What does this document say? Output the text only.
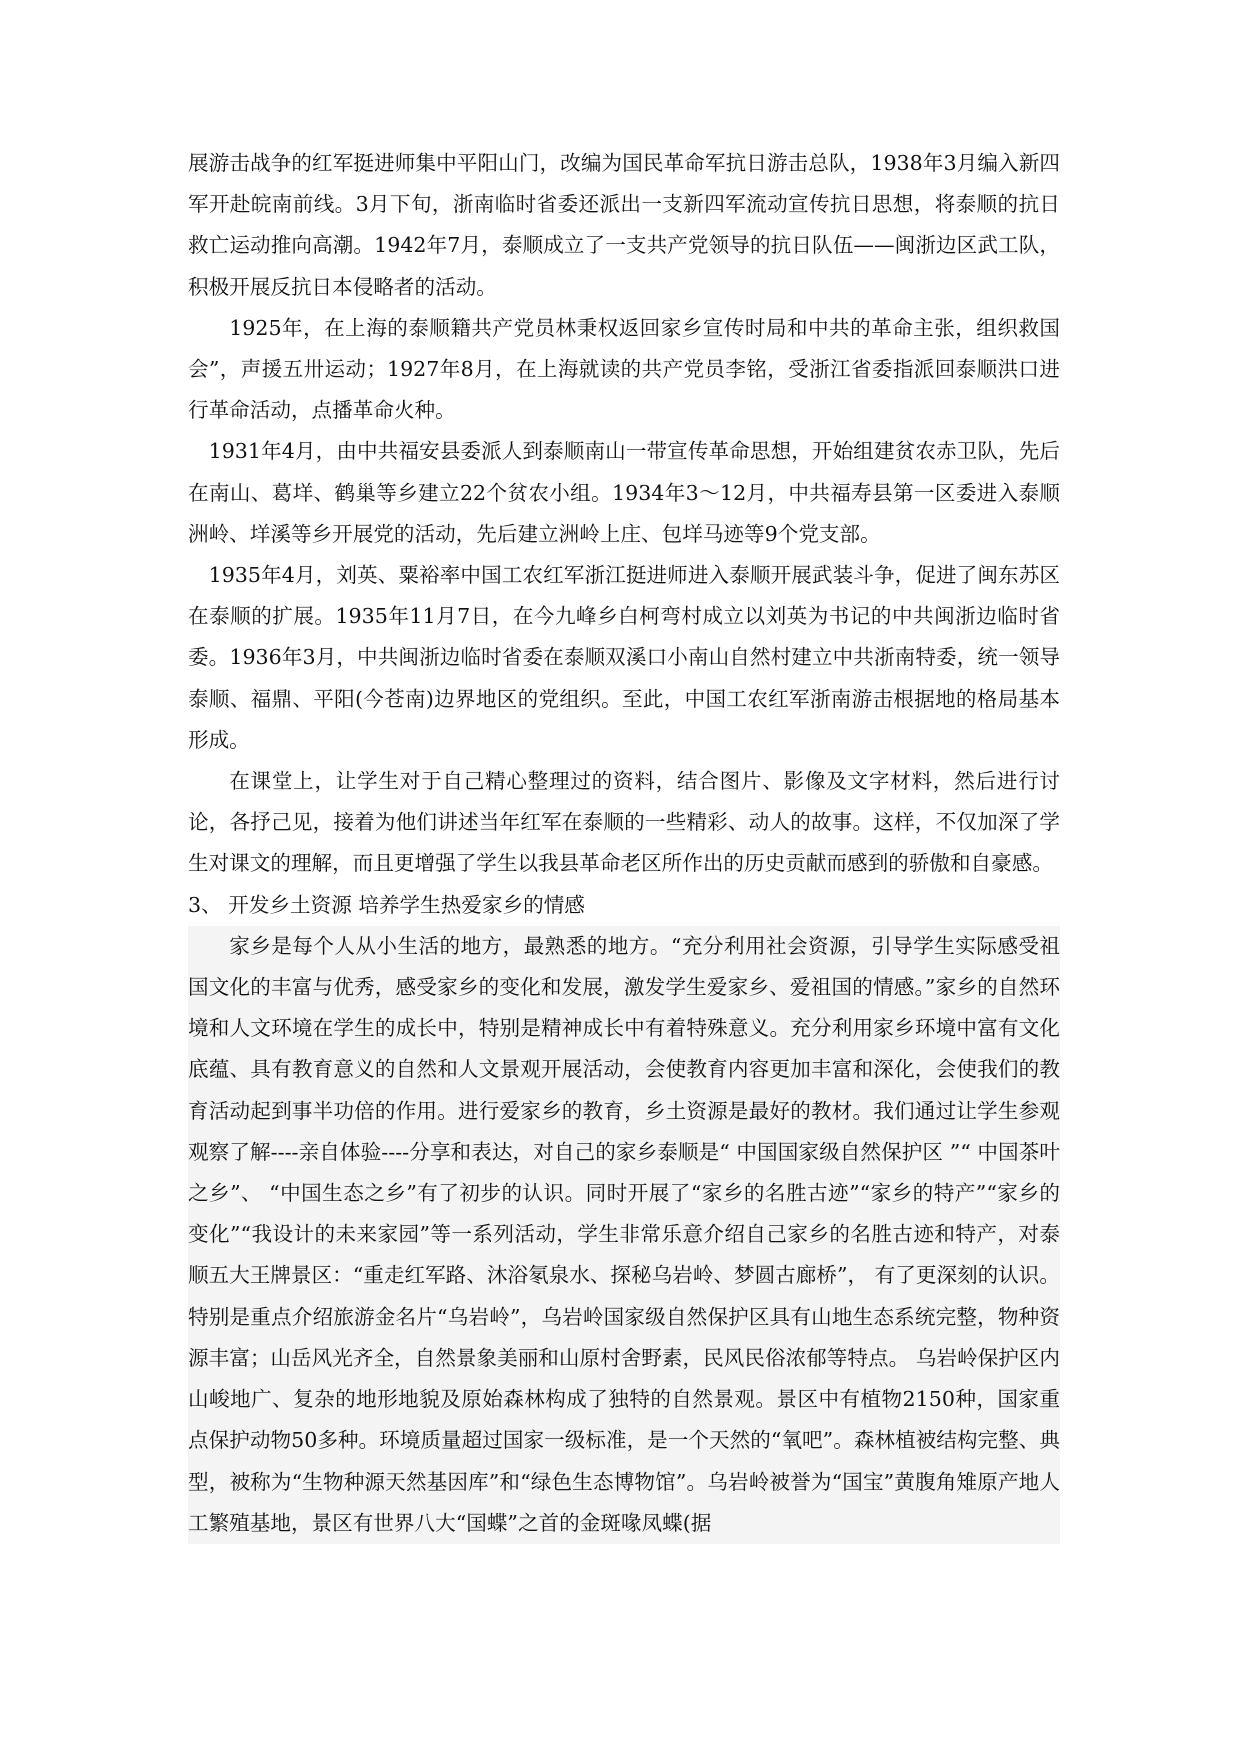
展游击战争的红军挺进师集中平阳山门，改编为国民革命军抗日游击总队，1938年3月编入新四军开赴皖南前线。3月下旬，浙南临时省委还派出一支新四军流动宣传抗日思想，将泰顺的抗日救亡运动推向高潮。1942年7月，泰顺成立了一支共产党领导的抗日队伍——闽浙边区武工队，积极开展反抗日本侵略者的活动。

1925年，在上海的泰顺籍共产党员林秉权返回家乡宣传时局和中共的革命主张，组织救国会”，声援五卅运动；1927年8月，在上海就读的共产党员李铭，受浙江省委指派回泰顺洪口进行革命活动，点播革命火种。

1931年4月，由中共福安县委派人到泰顺南山一带宣传革命思想，开始组建贫农赤卫队，先后在南山、葛垟、鹤巢等乡建立22个贫农小组。1934年3～12月，中共福寿县第一区委进入泰顺洲岭、垟溪等乡开展党的活动，先后建立洲岭上庄、包垟马迹等9个党支部。

1935年4月，刘英、粟裕率中国工农红军浙江挺进师进入泰顺开展武装斗争，促进了闽东苏区在泰顺的扩展。1935年11月7日，在今九峰乡白柯弯村成立以刘英为书记的中共闽浙边临时省委。1936年3月，中共闽浙边临时省委在泰顺双溪口小南山自然村建立中共浙南特委，统一领导泰顺、福鼎、平阳(今苍南)边界地区的党组织。至此，中国工农红军浙南游击根据地的格局基本形成。

在课堂上，让学生对于自己精心整理过的资料，结合图片、影像及文字材料，然后进行讨论，各抒己见，接着为他们讲述当年红军在泰顺的一些精彩、动人的故事。这样，不仅加深了学生对课文的理解，而且更增强了学生以我县革命老区所作出的历史贡献而感到的骄傲和自豪感。

3、 开发乡土资源 培养学生热爱家乡的情感

家乡是每个人从小生活的地方，最熟悉的地方。“充分利用社会资源，引导学生实际感受祖国文化的丰富与优秀，感受家乡的变化和发展，激发学生爱家乡、爱祖国的情感。”家乡的自然环境和人文环境在学生的成长中，特别是精神成长中有着特殊意义。充分利用家乡环境中富有文化底蕴、具有教育意义的自然和人文景观开展活动，会使教育内容更加丰富和深化，会使我们的教育活动起到事半功倍的作用。进行爱家乡的教育，乡土资源是最好的教材。我们通过让学生参观观察了解----亲自体验----分享和表达，对自己的家乡泰顺是“ 中国国家级自然保护区 ”“ 中国茶叶之乡”、 “中国生态之乡”有了初步的认识。同时开展了“家乡的名胜古迹”“家乡的特产”“家乡的变化”“我设计的未来家园”等一系列活动，学生非常乐意介绍自己家乡的名胜古迹和特产，对泰顺五大王牌景区：“重走红军路、沐浴氡泉水、探秘乌岩岭、梦圆古廊桥”， 有了更深刻的认识。特别是重点介绍旅游金名片“乌岩岭”，乌岩岭国家级自然保护区具有山地生态系统完整，物种资源丰富；山岳风光齐全，自然景象美丽和山原村舍野素，民风民俗浓郁等特点。 乌岩岭保护区内山峻地广、复杂的地形地貌及原始森林构成了独特的自然景观。景区中有植物2150种，国家重点保护动物50多种。环境质量超过国家一级标准，是一个天然的“氧吧”。森林植被结构完整、典型，被称为“生物种源天然基因库”和“绿色生态博物馆”。乌岩岭被誉为“国宝”黄腹角雉原产地人工繁殖基地，景区有世界八大“国蝶”之首的金斑喙凤蝶(据
